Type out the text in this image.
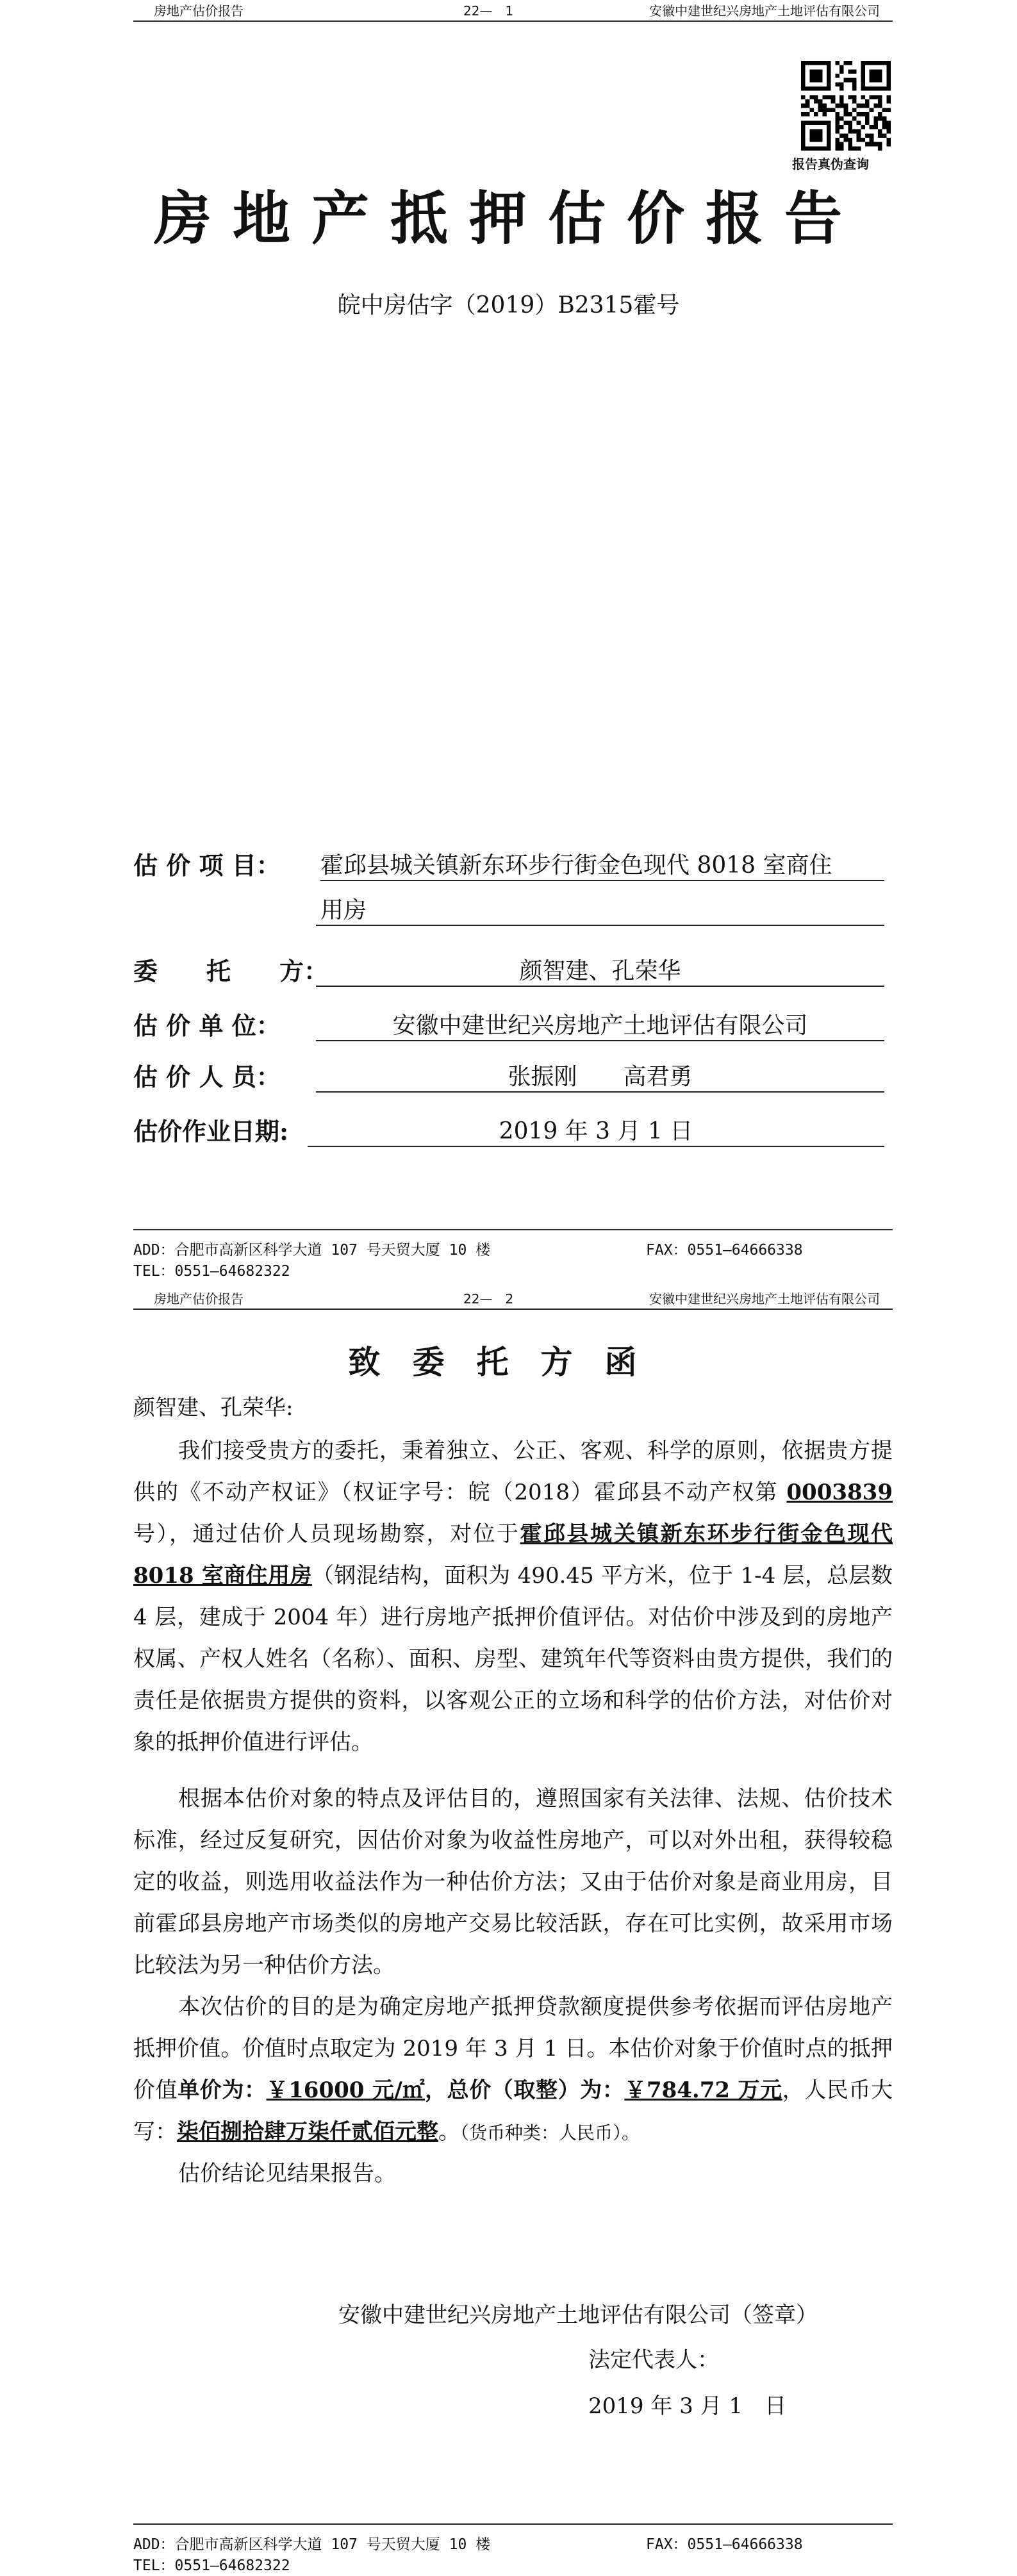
房地产估价报告	22—　1	安徽中建世纪兴房地产土地评估有限公司
报告真伪查询
房地产抵押估价报告
皖中房估字（2019）B2315霍号
估 价 项 目： 霍邱县城关镇新东环步行街金色现代 8018 室商住
用房
委　　托　　方：	颜智建、孔荣华
估 价 单 位：	安徽中建世纪兴房地产土地评估有限公司
估 价 人 员：	张振刚　　高君勇
估价作业日期:	2019 年 3 月 1 日
ADD：合肥市高新区科学大道 107 号天贸大厦 10 楼	FAX：0551—64666338
TEL：0551—64682322
房地产估价报告	22—　2	安徽中建世纪兴房地产土地评估有限公司
致委托方函
颜智建、孔荣华:

我们接受贵方的委托，秉着独立、公正、客观、科学的原则，依据贵方提供的《不动产权证》（权证字号：皖（2018）霍邱县不动产权第 0003839 号），通过估价人员现场勘察，对位于霍邱县城关镇新东环步行街金色现代 8018 室商住用房（钢混结构，面积为 490.45 平方米，位于 1-4 层，总层数 4 层，建成于 2004 年）进行房地产抵押价值评估。对估价中涉及到的房地产权属、产权人姓名（名称）、面积、房型、建筑年代等资料由贵方提供，我们的责任是依据贵方提供的资料，以客观公正的立场和科学的估价方法，对估价对象的抵押价值进行评估。

根据本估价对象的特点及评估目的，遵照国家有关法律、法规、估价技术标准，经过反复研究，因估价对象为收益性房地产，可以对外出租，获得较稳定的收益，则选用收益法作为一种估价方法；又由于估价对象是商业用房，目前霍邱县房地产市场类似的房地产交易比较活跃，存在可比实例，故采用市场比较法为另一种估价方法。

本次估价的目的是为确定房地产抵押贷款额度提供参考依据而评估房地产抵押价值。价值时点取定为 2019 年 3 月 1 日。本估价对象于价值时点的抵押价值单价为：￥16000 元/㎡，总价（取整）为：￥784.72 万元，人民币大写：柒佰捌拾肆万柒仟贰佰元整。（货币种类：人民币）。

估价结论见结果报告。

安徽中建世纪兴房地产土地评估有限公司（签章）
法定代表人：
2019 年 3 月 1　日
ADD：合肥市高新区科学大道 107 号天贸大厦 10 楼	FAX：0551—64666338
TEL：0551—64682322
